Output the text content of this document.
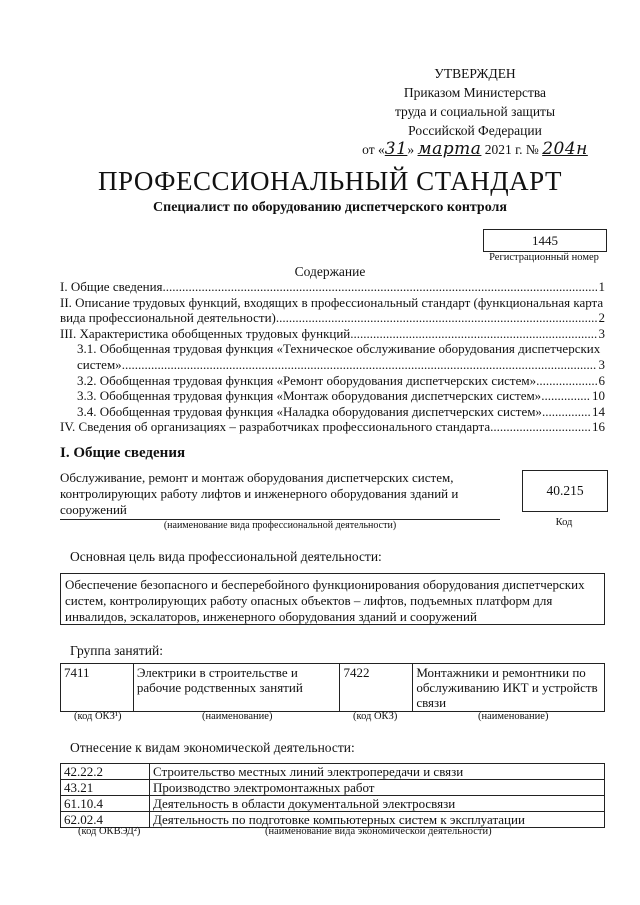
УТВЕРЖДЕН
Приказом Министерства
труда и социальной защиты
Российской Федерации
от «31» марта 2021 г. № 204н
ПРОФЕССИОНАЛЬНЫЙ СТАНДАРТ
Специалист по оборудованию диспетчерского контроля
1445
Регистрационный номер
Содержание
I. Общие сведения .....	1
II. Описание трудовых функций, входящих в профессиональный стандарт (функциональная карта
вида профессиональной деятельности) .....	2
III. Характеристика обобщенных трудовых функций .....	3
3.1. Обобщенная трудовая функция «Техническое обслуживание оборудования диспетчерских
систем» .....	3
3.2. Обобщенная трудовая функция «Ремонт оборудования диспетчерских систем» .....	6
3.3. Обобщенная трудовая функция «Монтаж оборудования диспетчерских систем» .....	10
3.4. Обобщенная трудовая функция «Наладка оборудования диспетчерских систем» .....	14
IV. Сведения об организациях – разработчиках профессионального стандарта .....	16
I. Общие сведения
Обслуживание, ремонт и монтаж оборудования диспетчерских систем, контролирующих работу лифтов и инженерного оборудования зданий и сооружений
(наименование вида профессиональной деятельности)
40.215
Код
Основная цель вида профессиональной деятельности:
Обеспечение безопасного и бесперебойного функционирования оборудования диспетчерских систем, контролирующих работу опасных объектов – лифтов, подъемных платформ для инвалидов, эскалаторов, инженерного оборудования зданий и сооружений
Группа занятий:
7411	Электрики в строительстве и рабочие родственных занятий	7422	Монтажники и ремонтники по обслуживанию ИКТ и устройств связи
(код ОКЗ¹)	(наименование)	(код ОКЗ)	(наименование)
Отнесение к видам экономической деятельности:
42.22.2	Строительство местных линий электропередачи и связи
43.21	Производство электромонтажных работ
61.10.4	Деятельность в области документальной электросвязи
62.02.4	Деятельность по подготовке компьютерных систем к эксплуатации
(код ОКВЭД²)	(наименование вида экономической деятельности)
